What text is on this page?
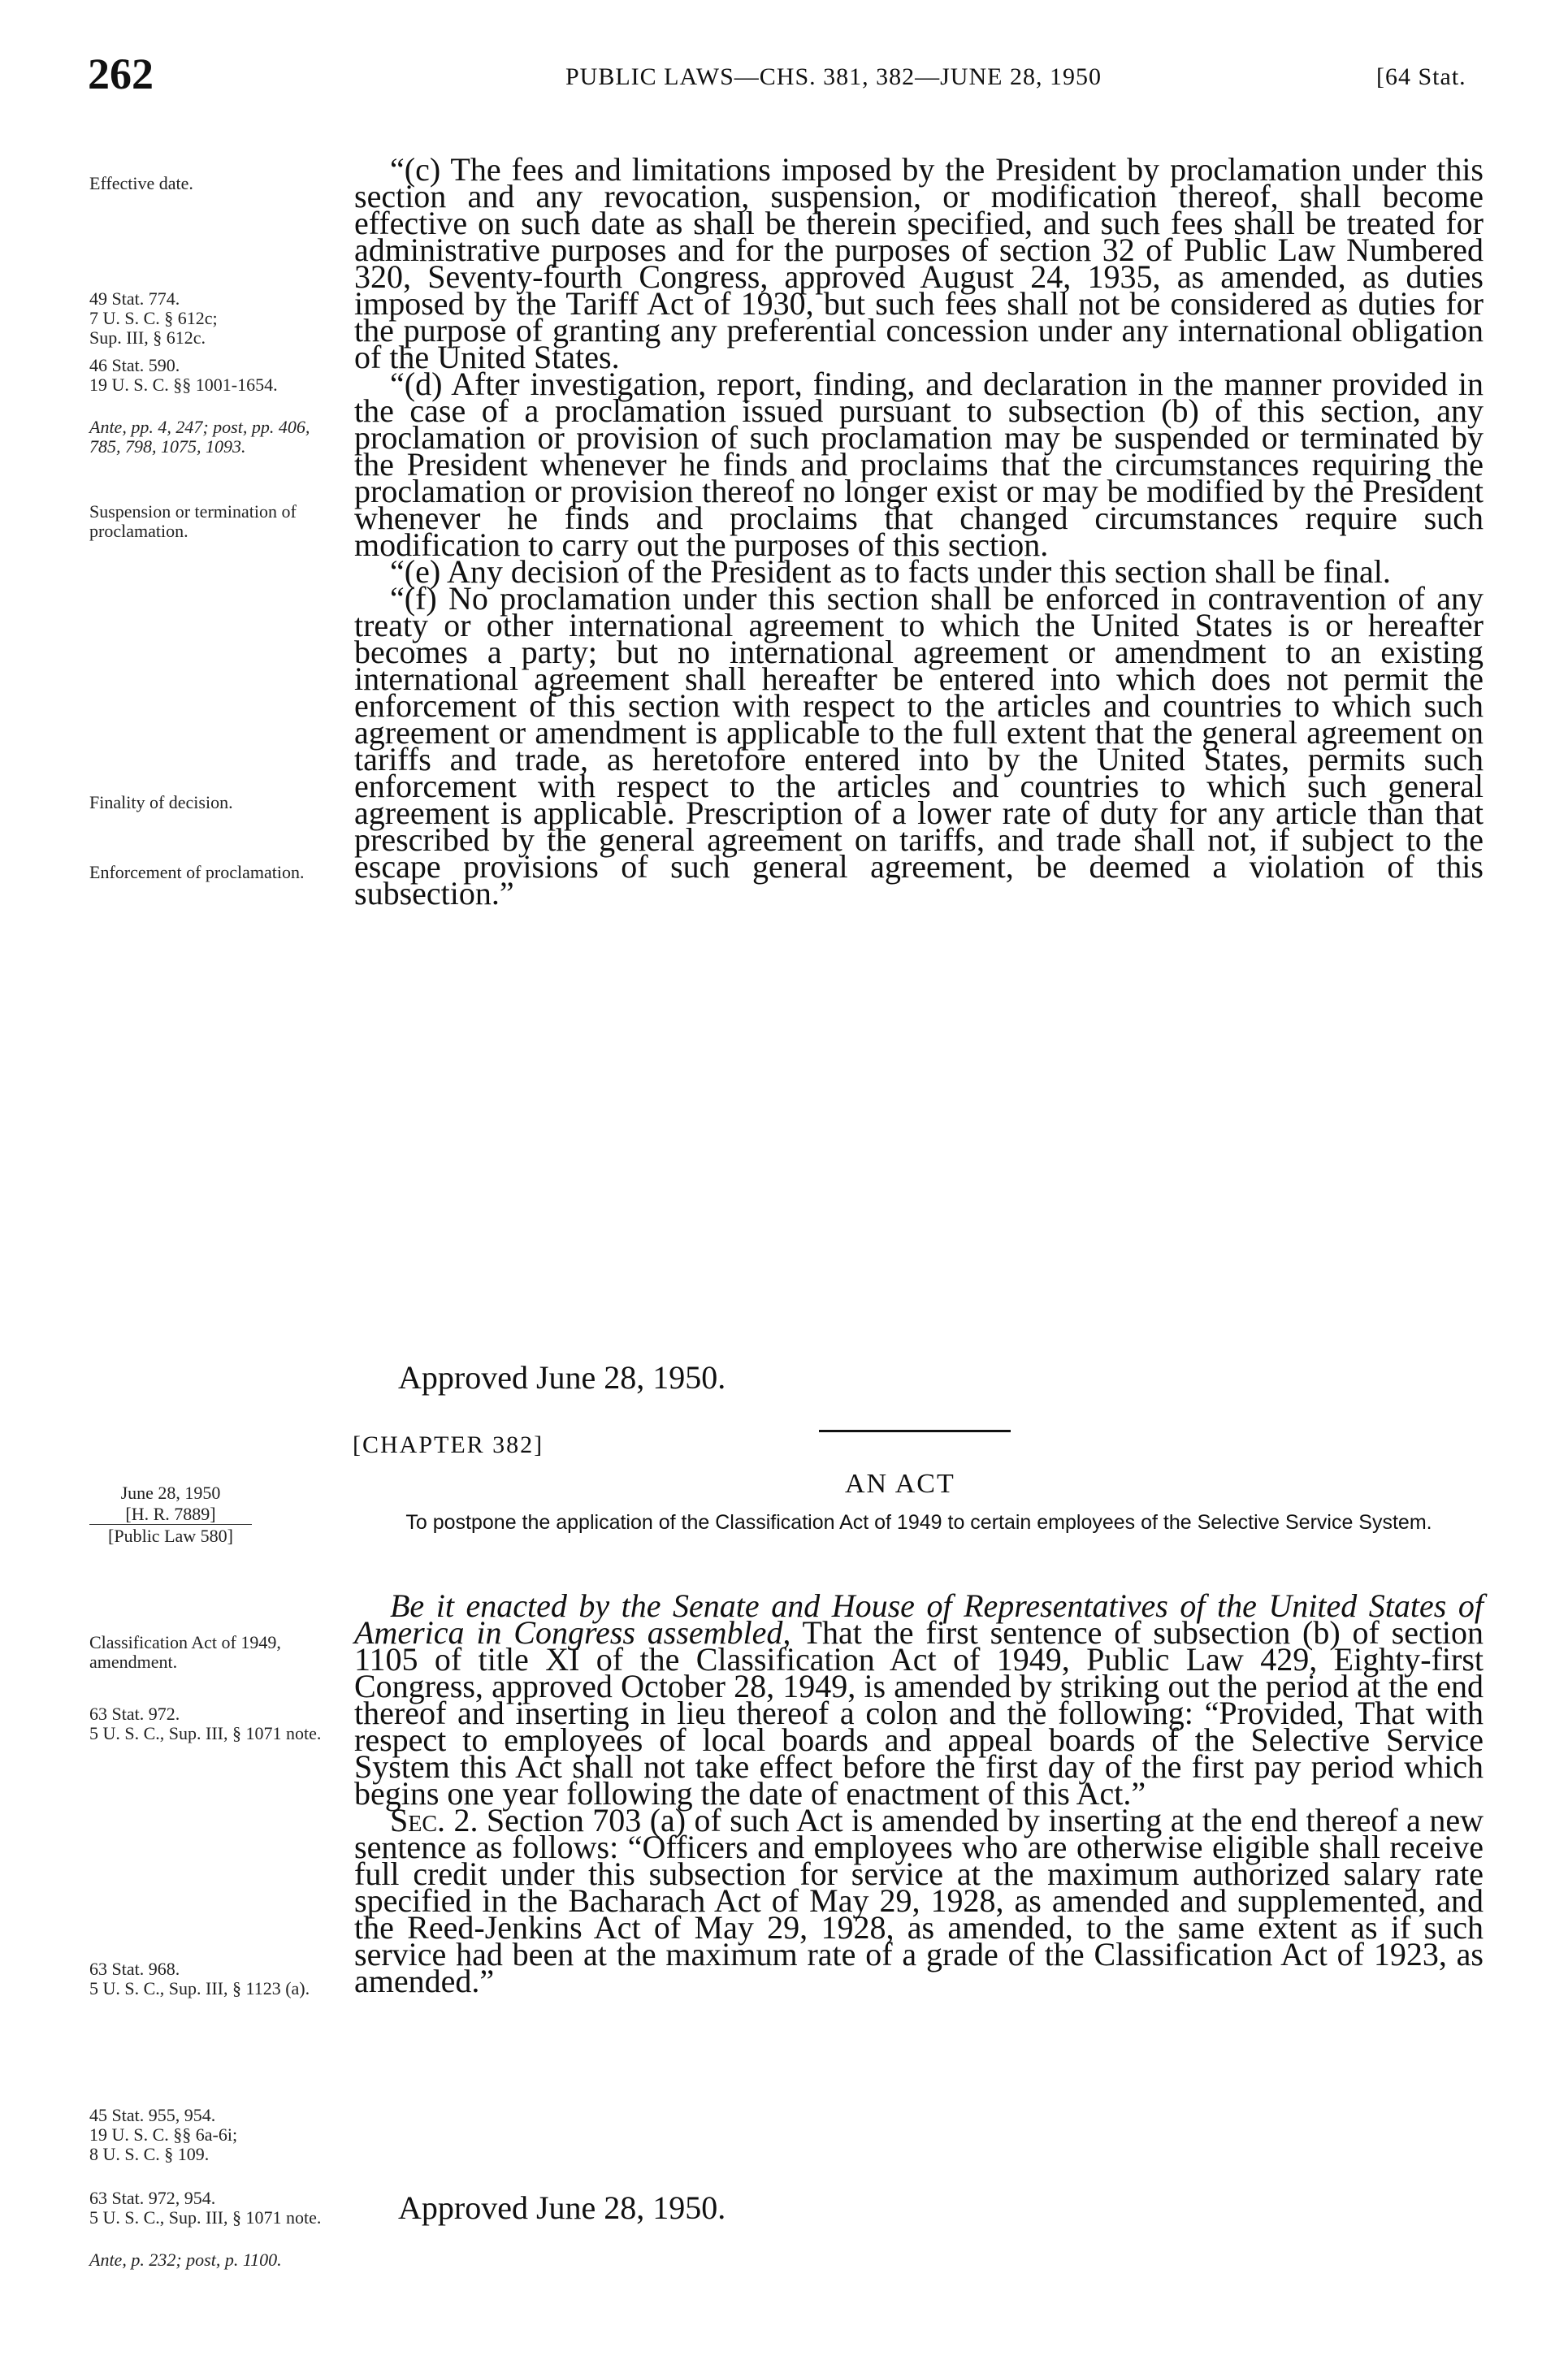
262	PUBLIC LAWS—CHS. 381, 382—JUNE 28, 1950	[64 Stat.
Effective date.
49 Stat. 774.
7 U. S. C. § 612c;
Sup. III, § 612c.
46 Stat. 590.
19 U. S. C. §§ 1001-1654.
Ante, pp. 4, 247; post, pp. 406, 785, 798, 1075, 1093.
Suspension or termination of proclamation.
Finality of decision.
Enforcement of proclamation.
June 28, 1950
[H. R. 7889]
[Public Law 580]
Classification Act of 1949, amendment.
63 Stat. 972.
5 U. S. C., Sup. III, § 1071 note.
63 Stat. 968.
5 U. S. C., Sup. III, § 1123 (a).
45 Stat. 955, 954.
19 U. S. C. §§ 6a-6i;
8 U. S. C. § 109.
63 Stat. 972, 954.
5 U. S. C., Sup. III, § 1071 note.
Ante, p. 232; post, p. 1100.

“(c) The fees and limitations imposed by the President by proclamation under this section and any revocation, suspension, or modification thereof, shall become effective on such date as shall be therein specified, and such fees shall be treated for administrative purposes and for the purposes of section 32 of Public Law Numbered 320, Seventy-fourth Congress, approved August 24, 1935, as amended, as duties imposed by the Tariff Act of 1930, but such fees shall not be considered as duties for the purpose of granting any preferential concession under any international obligation of the United States.

“(d) After investigation, report, finding, and declaration in the manner provided in the case of a proclamation issued pursuant to subsection (b) of this section, any proclamation or provision of such proclamation may be suspended or terminated by the President whenever he finds and proclaims that the circumstances requiring the proclamation or provision thereof no longer exist or may be modified by the President whenever he finds and proclaims that changed circumstances require such modification to carry out the purposes of this section.

“(e) Any decision of the President as to facts under this section shall be final.

“(f) No proclamation under this section shall be enforced in contravention of any treaty or other international agreement to which the United States is or hereafter becomes a party; but no international agreement or amendment to an existing international agreement shall hereafter be entered into which does not permit the enforcement of this section with respect to the articles and countries to which such agreement or amendment is applicable to the full extent that the general agreement on tariffs and trade, as heretofore entered into by the United States, permits such enforcement with respect to the articles and countries to which such general agreement is applicable. Prescription of a lower rate of duty for any article than that prescribed by the general agreement on tariffs, and trade shall not, if subject to the escape provisions of such general agreement, be deemed a violation of this subsection.”

Approved June 28, 1950.
[CHAPTER 382]
AN ACT
To postpone the application of the Classification Act of 1949 to certain employees of the Selective Service System.

Be it enacted by the Senate and House of Representatives of the United States of America in Congress assembled, That the first sentence of subsection (b) of section 1105 of title XI of the Classification Act of 1949, Public Law 429, Eighty-first Congress, approved October 28, 1949, is amended by striking out the period at the end thereof and inserting in lieu thereof a colon and the following: “Provided, That with respect to employees of local boards and appeal boards of the Selective Service System this Act shall not take effect before the first day of the first pay period which begins one year following the date of enactment of this Act.”

Sec. 2. Section 703 (a) of such Act is amended by inserting at the end thereof a new sentence as follows: “Officers and employees who are otherwise eligible shall receive full credit under this subsection for service at the maximum authorized salary rate specified in the Bacharach Act of May 29, 1928, as amended and supplemented, and the Reed-Jenkins Act of May 29, 1928, as amended, to the same extent as if such service had been at the maximum rate of a grade of the Classification Act of 1923, as amended.”

Approved June 28, 1950.
